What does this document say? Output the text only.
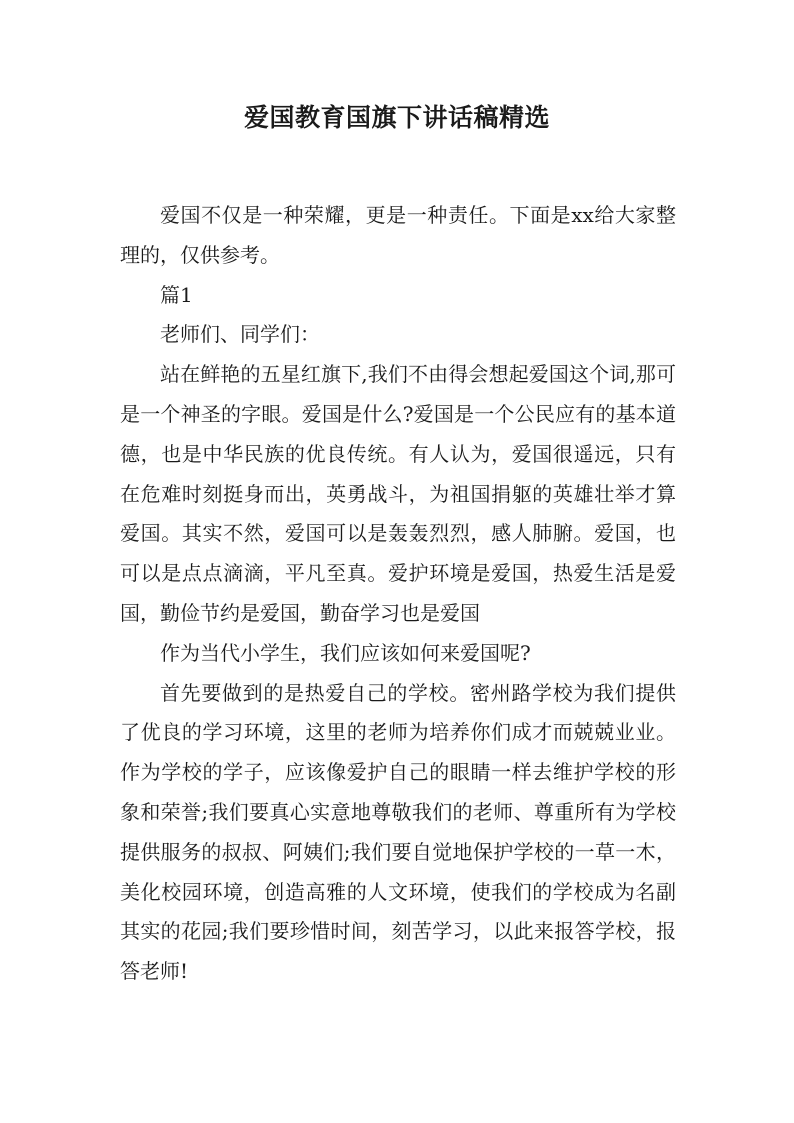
爱国教育国旗下讲话稿精选

爱国不仅是一种荣耀，更是一种责任。下面是xx给大家整理的，仅供参考。

篇1

老师们、同学们：

站在鲜艳的五星红旗下,我们不由得会想起爱国这个词,那可是一个神圣的字眼。爱国是什么?爱国是一个公民应有的基本道德，也是中华民族的优良传统。有人认为，爱国很遥远，只有在危难时刻挺身而出，英勇战斗，为祖国捐躯的英雄壮举才算爱国。其实不然，爱国可以是轰轰烈烈，感人肺腑。爱国，也可以是点点滴滴，平凡至真。爱护环境是爱国，热爱生活是爱国，勤俭节约是爱国，勤奋学习也是爱国

作为当代小学生，我们应该如何来爱国呢?

首先要做到的是热爱自己的学校。密州路学校为我们提供了优良的学习环境，这里的老师为培养你们成才而兢兢业业。作为学校的学子，应该像爱护自己的眼睛一样去维护学校的形象和荣誉;我们要真心实意地尊敬我们的老师、尊重所有为学校提供服务的叔叔、阿姨们;我们要自觉地保护学校的一草一木，美化校园环境，创造高雅的人文环境，使我们的学校成为名副其实的花园;我们要珍惜时间，刻苦学习，以此来报答学校，报答老师!
